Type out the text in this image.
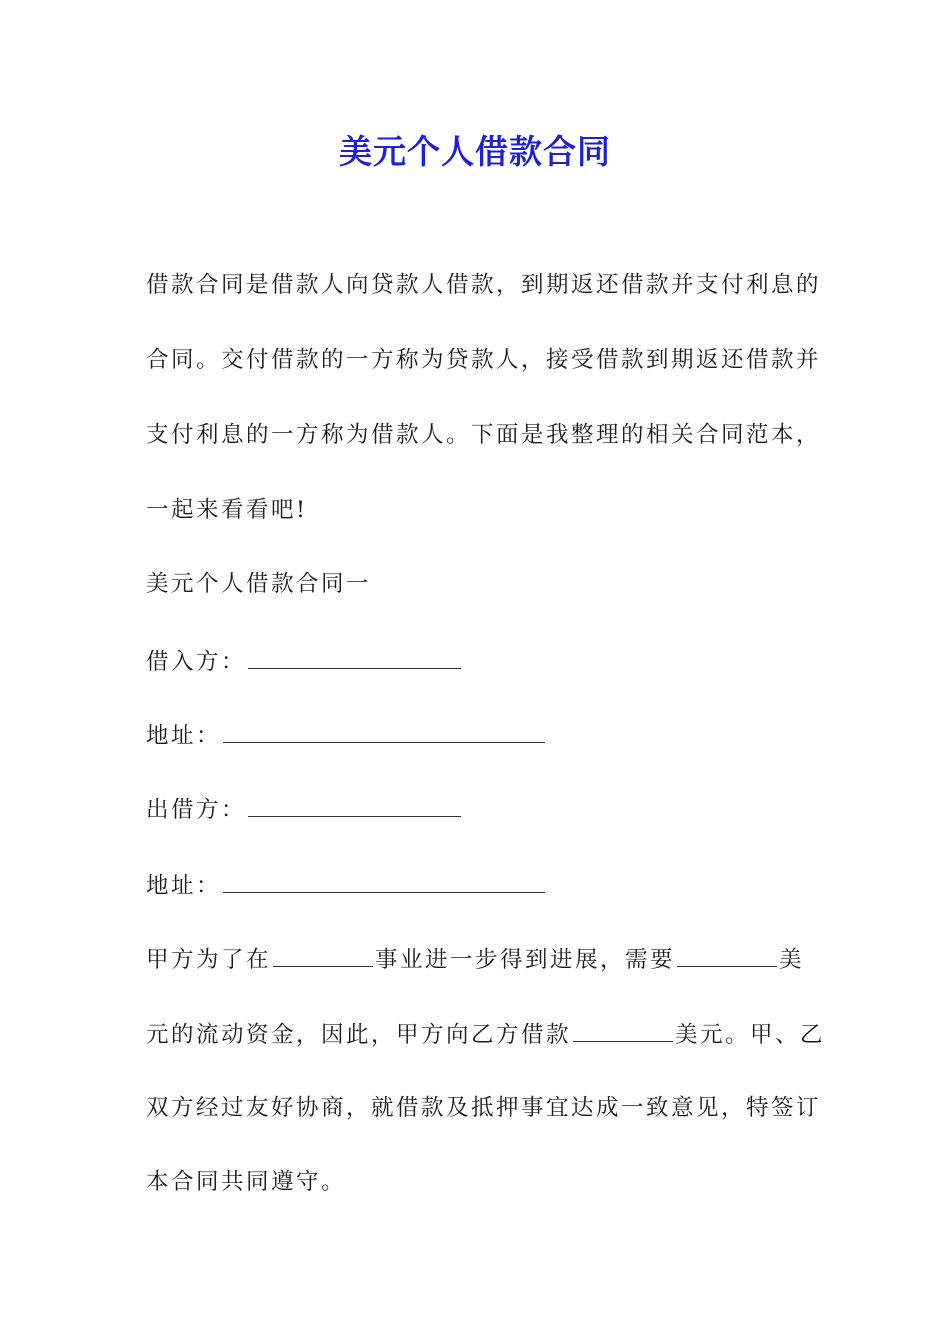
美元个人借款合同
借款合同是借款人向贷款人借款，到期返还借款并支付利息的
合同。交付借款的一方称为贷款人，接受借款到期返还借款并
支付利息的一方称为借款人。下面是我整理的相关合同范本，
一起来看看吧!
美元个人借款合同一
借入方：
地址：
出借方：
地址：
甲方为了在	事业进一步得到进展，需要	美
元的流动资金，因此，甲方向乙方借款	美元。甲、乙
双方经过友好协商，就借款及抵押事宜达成一致意见，特签订
本合同共同遵守。
